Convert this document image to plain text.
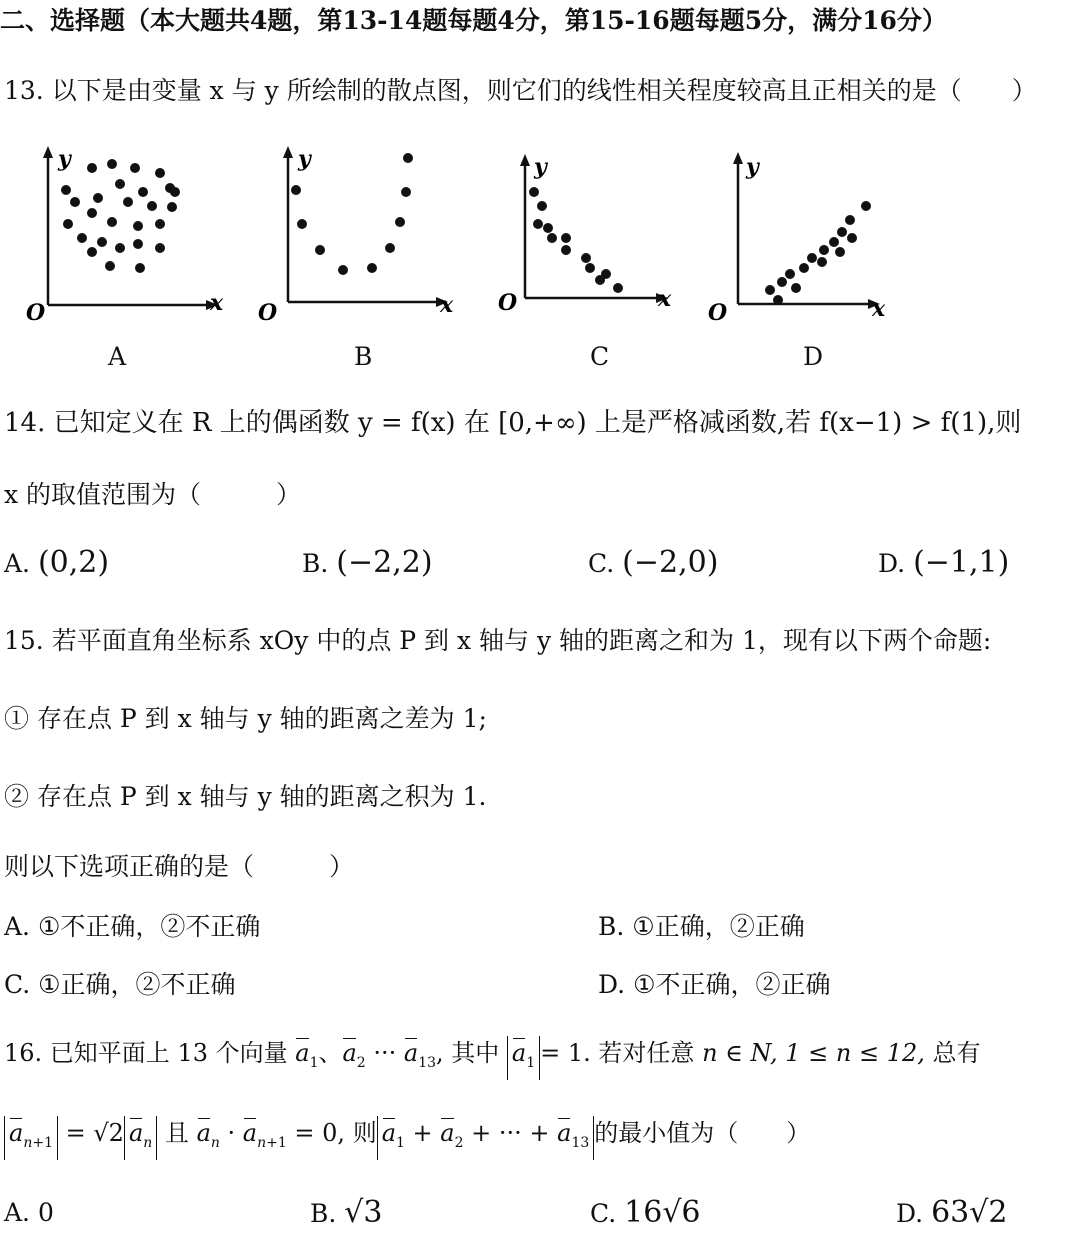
二、选择题（本大题共4题，第13-14题每题4分，第15-16题每题5分，满分16分）
13. 以下是由变量 x 与 y 所绘制的散点图，则它们的线性相关程度较高且正相关的是（　　）
y
x
O
A
y
x
O
B
y
x
O
C
y
x
O
D
14. 已知定义在 R 上的偶函数 y = f(x) 在 [0,+∞) 上是严格减函数,若 f(x−1) > f(1),则
x 的取值范围为（　　　）
A. (0,2)	B. (−2,2)	C. (−2,0)	D. (−1,1)
15. 若平面直角坐标系 xOy 中的点 P 到 x 轴与 y 轴的距离之和为 1，现有以下两个命题:
① 存在点 P 到 x 轴与 y 轴的距离之差为 1;
② 存在点 P 到 x 轴与 y 轴的距离之积为 1.
则以下选项正确的是（　　　）
A. ①不正确，②不正确	B. ①正确，②正确
C. ①正确，②不正确	D. ①不正确，②正确
16. 已知平面上 13 个向量 $a_1$、$a_2$ ··· $a_{13}$, 其中 $a_1 = 1$. 若对任意 n ∈ N, 1 ≤ n ≤ 12, 总有
$a_{n+1} = √2$ $a_n$ 且 $a_n \cdot a_{n+1} = 0$, 则 $a_1 + a_2$ + ··· + $a_{13}$ 的最小值为（　　）
A. 0	B. √3	C. 16√6	D. 63√2
